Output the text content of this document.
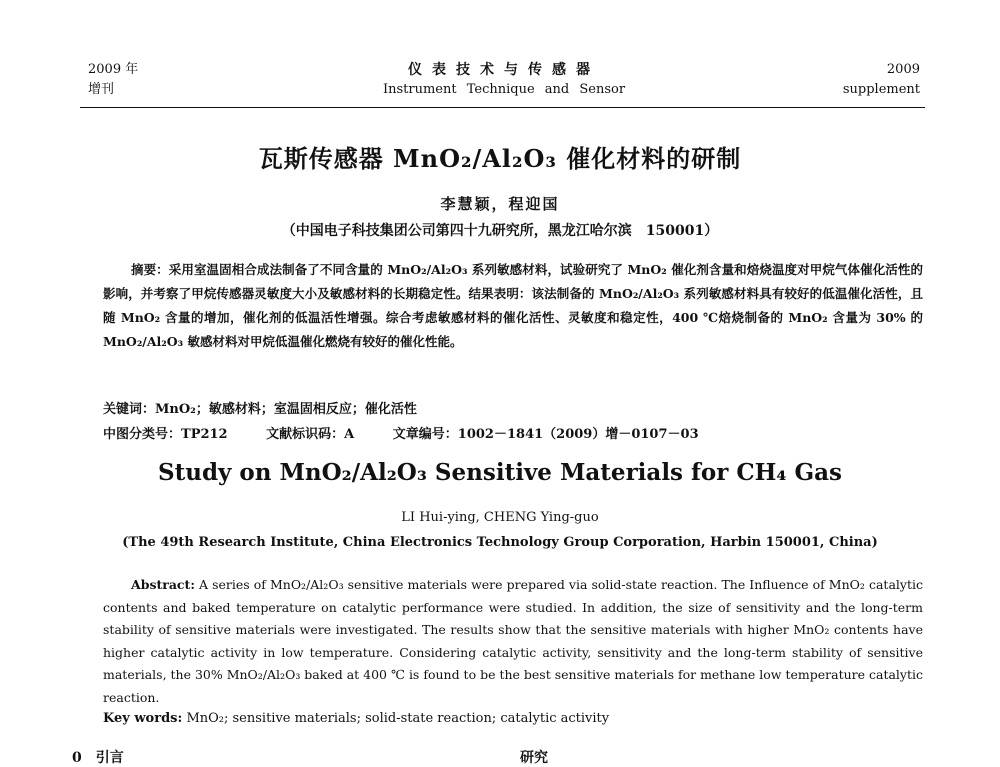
2009 年
增刊
仪表技术与传感器
Instrument Technique and Sensor
2009
supplement
瓦斯传感器 MnO₂/Al₂O₃ 催化材料的研制
李慧颖，程迎国
（中国电子科技集团公司第四十九研究所，黑龙江哈尔滨　150001）
摘要：采用室温固相合成法制备了不同含量的 MnO₂/Al₂O₃ 系列敏感材料，试验研究了 MnO₂ 催化剂含量和焙烧温度对甲烷气体催化活性的影响，并考察了甲烷传感器灵敏度大小及敏感材料的长期稳定性。结果表明：该法制备的 MnO₂/Al₂O₃ 系列敏感材料具有较好的低温催化活性，且随 MnO₂ 含量的增加，催化剂的低温活性增强。综合考虑敏感材料的催化活性、灵敏度和稳定性，400 ℃焙烧制备的 MnO₂ 含量为 30% 的 MnO₂/Al₂O₃ 敏感材料对甲烷低温催化燃烧有较好的催化性能。
关键词：MnO₂；敏感材料；室温固相反应；催化活性
中图分类号：TP212	文献标识码：A	文章编号：1002－1841（2009）增－0107－03
Study on MnO₂/Al₂O₃ Sensitive Materials for CH₄ Gas
LI Hui-ying, CHENG Ying-guo
(The 49th Research Institute, China Electronics Technology Group Corporation, Harbin 150001, China)
Abstract: A series of MnO₂/Al₂O₃ sensitive materials were prepared via solid-state reaction. The Influence of MnO₂ catalytic contents and baked temperature on catalytic performance were studied. In addition, the size of sensitivity and the long-term stability of sensitive materials were investigated. The results show that the sensitive materials with higher MnO₂ contents have higher catalytic activity in low temperature. Considering catalytic activity, sensitivity and the long-term stability of sensitive materials, the 30% MnO₂/Al₂O₃ baked at 400 ℃ is found to be the best sensitive materials for methane low temperature catalytic reaction.
Key words: MnO₂; sensitive materials; solid-state reaction; catalytic activity
0　引言	研究
